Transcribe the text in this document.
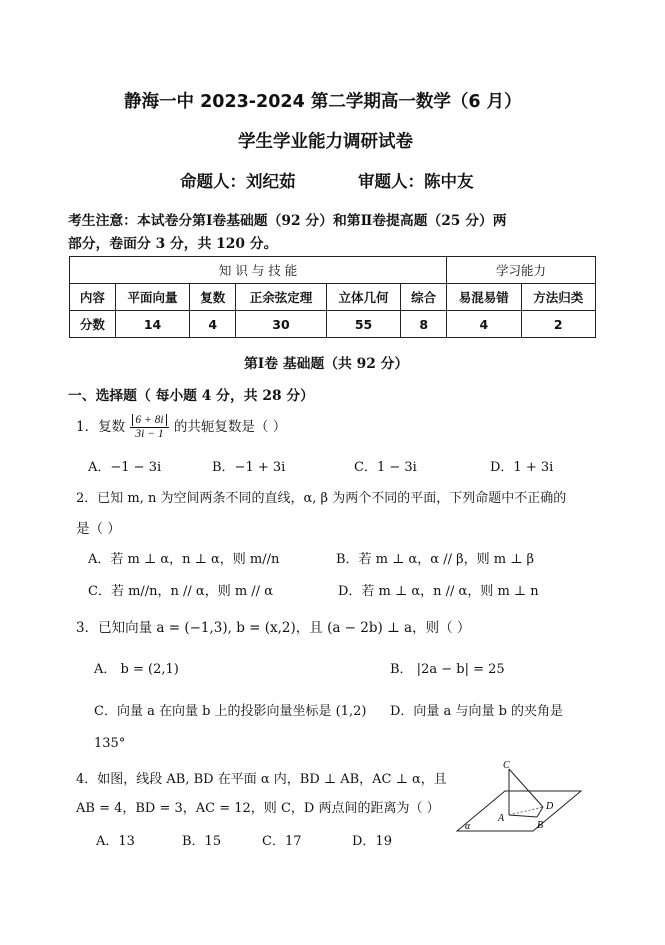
静海一中 2023-2024 第二学期高一数学（6 月）
学生学业能力调研试卷
命题人：刘纪茹	审题人：陈中友
考生注意：本试卷分第Ⅰ卷基础题（92 分）和第Ⅱ卷提高题（25 分）两
部分，卷面分 3 分，共 120 分。
知 识 与 技 能						学习能力	
内容	平面向量	复数	正余弦定理	立体几何	综合	易混易错	方法归类
分数	14	4	30	55	8	4	2
第Ⅰ卷 基础题（共 92 分）
一、选择题（ 每小题 4 分，共 28 分）
1．复数 $\frac{6 + 8i}{3i - 1}$ 的共轭复数是（ ）
A．−1 − 3i	B．−1 + 3i	C．1 − 3i	D．1 + 3i
2．已知 m, n 为空间两条不同的直线，α, β 为两个不同的平面，下列命题中不正确的
是（ ）
A．若 m ⊥ α，n ⊥ α，则 m//n	B．若 m ⊥ α，α // β，则 m ⊥ β
C．若 m//n，n // α，则 m // α	D．若 m ⊥ α，n // α，则 m ⊥ n
3．已知向量 a = (−1,3), b = (x,2)，且 (a − 2b) ⊥ a，则（ ）
A． b = (2,1)	B． |2a − b| = 25
C．向量 a 在向量 b 上的投影向量坐标是 (1,2) D．向量 a 与向量 b 的夹角是
135°
4．如图，线段 AB, BD 在平面 α 内，BD ⊥ AB，AC ⊥ α，且
AB = 4，BD = 3，AC = 12，则 C，D 两点间的距离为（ ）
A．13	B．15	C．17	D．19
C
A
B
D
α
